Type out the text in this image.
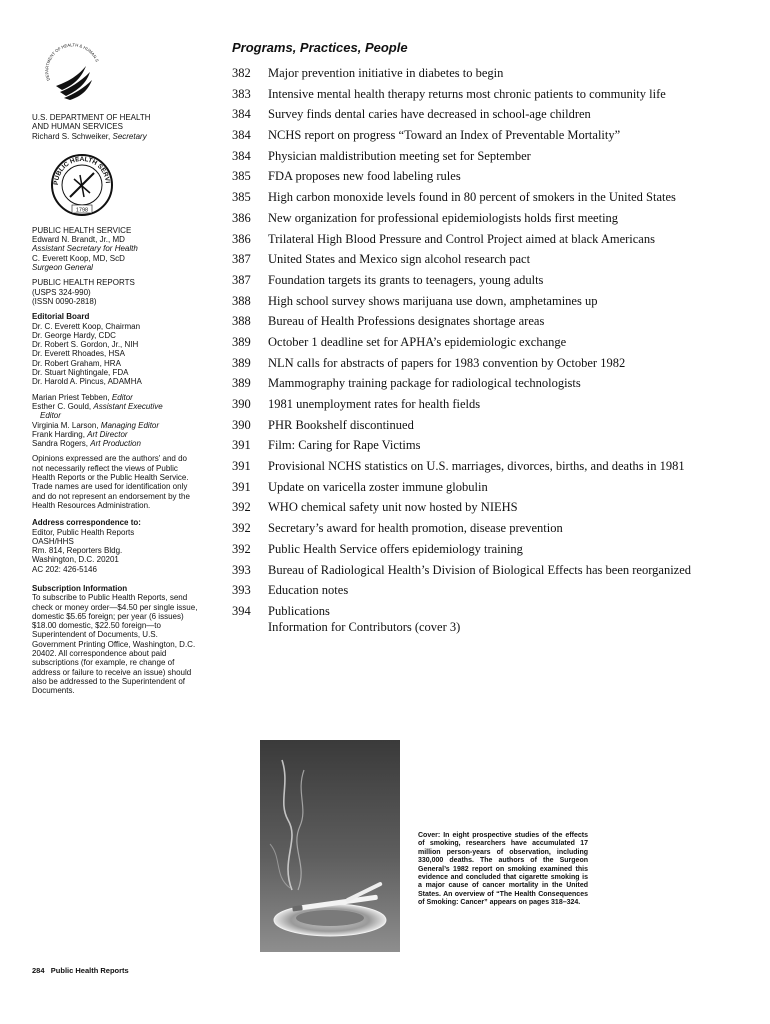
DEPARTMENT OF HEALTH & HUMAN S
U.S. DEPARTMENT OF HEALTH
AND HUMAN SERVICES
Richard S. Schweiker, Secretary
PUBLIC HEALTH SERVI
1798
PUBLIC HEALTH SERVICE
Edward N. Brandt, Jr., MD
Assistant Secretary for Health
C. Everett Koop, MD, ScD
Surgeon General
PUBLIC HEALTH REPORTS
(USPS 324-990)
(ISSN 0090-2818)
Editorial Board
Dr. C. Everett Koop, Chairman
Dr. George Hardy, CDC
Dr. Robert S. Gordon, Jr., NIH
Dr. Everett Rhoades, HSA
Dr. Robert Graham, HRA
Dr. Stuart Nightingale, FDA
Dr. Harold A. Pincus, ADAMHA
Marian Priest Tebben, Editor
Esther C. Gould, Assistant Executive
Editor
Virginia M. Larson, Managing Editor
Frank Harding, Art Director
Sandra Rogers, Art Production
Opinions expressed are the authors' and do not necessarily reflect the views of Public Health Reports or the Public Health Service. Trade names are used for identification only and do not represent an endorsement by the Health Resources Administration.
Address correspondence to:
Editor, Public Health Reports
OASH/HHS
Rm. 814, Reporters Bldg.
Washington, D.C. 20201
AC 202: 426-5146
Subscription Information
To subscribe to Public Health Reports, send check or money order—$4.50 per single issue, domestic $5.65 foreign; per year (6 issues) $18.00 domestic, $22.50 foreign—to Superintendent of Documents, U.S. Government Printing Office, Washington, D.C. 20402. All correspondence about paid subscriptions (for example, re change of address or failure to receive an issue) should also be addressed to the Superintendent of Documents.
Programs, Practices, People
382	Major prevention initiative in diabetes to begin
383	Intensive mental health therapy returns most chronic patients to community life
384	Survey finds dental caries have decreased in school-age children
384	NCHS report on progress “Toward an Index of Preventable Mortality”
384	Physician maldistribution meeting set for September
385	FDA proposes new food labeling rules
385	High carbon monoxide levels found in 80 percent of smokers in the United States
386	New organization for professional epidemiologists holds first meeting
386	Trilateral High Blood Pressure and Control Project aimed at black Americans
387	United States and Mexico sign alcohol research pact
387	Foundation targets its grants to teenagers, young adults
388	High school survey shows marijuana use down, amphetamines up
388	Bureau of Health Professions designates shortage areas
389	October 1 deadline set for APHA’s epidemiologic exchange
389	NLN calls for abstracts of papers for 1983 convention by October 1982
389	Mammography training package for radiological technologists
390	1981 unemployment rates for health fields
390	PHR Bookshelf discontinued
391	Film: Caring for Rape Victims
391	Provisional NCHS statistics on U.S. marriages, divorces, births, and deaths in 1981
391	Update on varicella zoster immune globulin
392	WHO chemical safety unit now hosted by NIEHS
392	Secretary’s award for health promotion, disease prevention
392	Public Health Service offers epidemiology training
393	Bureau of Radiological Health’s Division of Biological Effects has been reorganized
393	Education notes
394	Publications
Information for Contributors (cover 3)
Cover: In eight prospective studies of the effects of smoking, researchers have accumulated 17 million person-years of observation, including 330,000 deaths. The authors of the Surgeon General’s 1982 report on smoking examined this evidence and concluded that cigarette smoking is a major cause of cancer mortality in the United States. An overview of “The Health Consequences of Smoking: Cancer” appears on pages 318–324.
284 Public Health Reports
